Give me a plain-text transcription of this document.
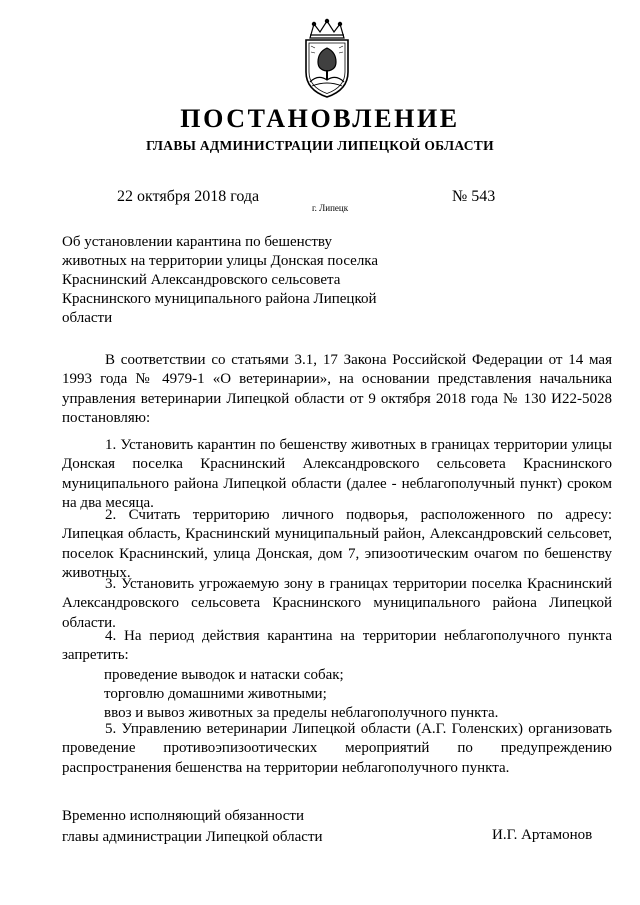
ПОСТАНОВЛЕНИЕ
ГЛАВЫ АДМИНИСТРАЦИИ ЛИПЕЦКОЙ ОБЛАСТИ
22 октября 2018 года
г. Липецк
№ 543
Об установлении карантина по бешенству животных на территории улицы Донская поселка Краснинский Александровского сельсовета Краснинского муниципального района Липецкой области

В соответствии со статьями 3.1, 17 Закона Российской Федерации от 14 мая 1993 года № 4979-1 «О ветеринарии», на основании представления начальника управления ветеринарии Липецкой области от 9 октября 2018 года № 130 И22-5028 постановляю:

1. Установить карантин по бешенству животных в границах территории улицы Донская поселка Краснинский Александровского сельсовета Краснинского муниципального района Липецкой области (далее - неблагополучный пункт) сроком на два месяца.

2. Считать территорию личного подворья, расположенного по адресу: Липецкая область, Краснинский муниципальный район, Александровский сельсовет, поселок Краснинский, улица Донская, дом 7, эпизоотическим очагом по бешенству животных.

3. Установить угрожаемую зону в границах территории поселка Краснинский Александровского сельсовета Краснинского муниципального района Липецкой области.

4. На период действия карантина на территории неблагополучного пункта запретить:

проведение выводок и натаски собак;

торговлю домашними животными;

ввоз и вывоз животных за пределы неблагополучного пункта.

5. Управлению ветеринарии Липецкой области (А.Г. Голенских) организовать проведение противоэпизоотических мероприятий по предупреждению распространения бешенства на территории неблагополучного пункта.

Временно исполняющий обязанности
главы администрации Липецкой области	И.Г. Артамонов
